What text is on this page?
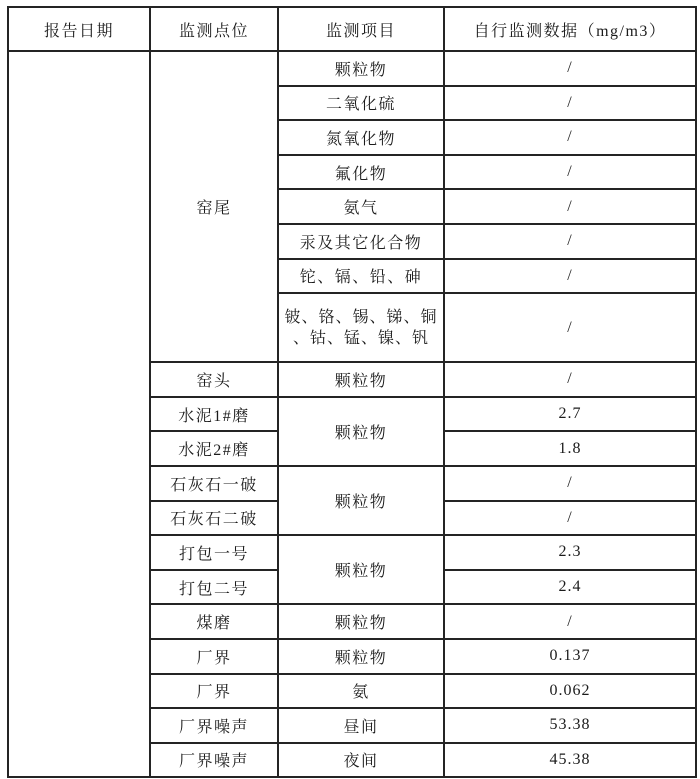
报告日期	监测点位	监测项目	自行监测数据（mg/m3）
	窑尾	颗粒物	/
		二氧化硫	/
		氮氧化物	/
		氟化物	/
		氨气	/
		汞及其它化合物	/
		铊、镉、铅、砷	/

		铍、铬、锡、锑、铜
、钴、锰、镍、钒	/
	窑头	颗粒物	/
	水泥1#磨	颗粒物	2.7
	水泥2#磨		1.8
	石灰石一破	颗粒物	/
	石灰石二破		/
	打包一号	颗粒物	2.3
	打包二号		2.4
	煤磨	颗粒物	/
	厂界	颗粒物	0.137
	厂界	氨	0.062
	厂界噪声	昼间	53.38
	厂界噪声	夜间	45.38
